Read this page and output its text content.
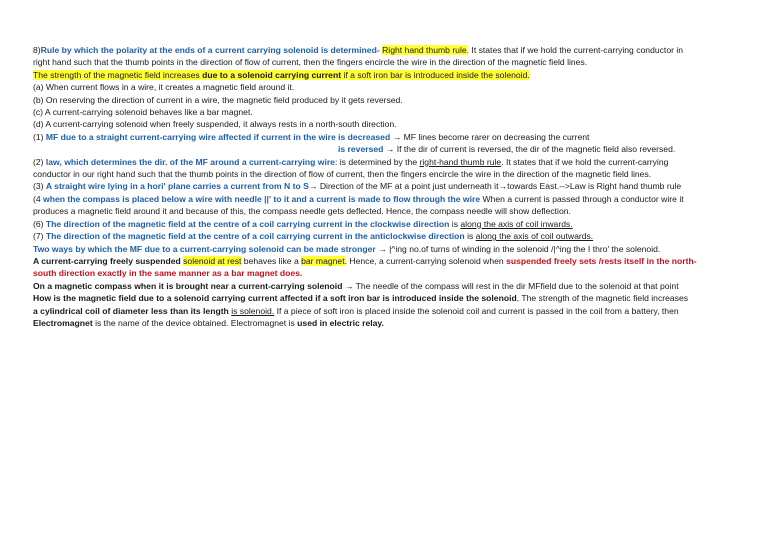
8)Rule by which the polarity at the ends of a current carrying solenoid is determined- Right hand thumb rule. It states that if we hold the current-carrying conductor in
right hand such that the thumb points in the direction of flow of current, then the fingers encircle the wire in the direction of the magnetic field lines.
The strength of the magnetic field increases due to a solenoid carrying current if a soft iron bar is introduced inside the solenoid.
(a) When current flows in a wire, it creates a magnetic field around it.
(b) On reserving the direction of current in a wire, the magnetic field produced by it gets reversed.
(c) A current-carrying solenoid behaves like a bar magnet.
(d) A current-carrying solenoid when freely suspended, it always rests in a north-south direction.
(1) MF due to a straight current-carrying wire affected if current in the wire is decreased → MF lines become rarer on decreasing the current
is reversed → If the dir of current is reversed, the dir of the magnetic field also reversed.
(2) law, which determines the dir. of the MF around a current-carrying wire: is determined by the right-hand thumb rule. It states that if we hold the current-carrying
conductor in our right hand such that the thumb points in the direction of flow of current, then the fingers encircle the wire in the direction of the magnetic field lines.
(3) A straight wire lying in a hori' plane carries a current from N to S→ Direction of the MF at a point just underneath it→towards East.-->Law is Right hand thumb rule
(4 when the compass is placed below a wire with needle ||' to it and a current is made to flow through the wire When a current is passed through a conductor wire it
produces a magnetic field around it and because of this, the compass needle gets deflected. Hence, the compass needle will show deflection.
(6) The direction of the magnetic field at the centre of a coil carrying current in the clockwise direction is along the axis of coil inwards.
(7) The direction of the magnetic field at the centre of a coil carrying current in the anticlockwise direction is along the axis of coil outwards.
Two ways by which the MF due to a current-carrying solenoid can be made stronger → |^ing no.of turns of winding in the solenoid /|^ing the I thro' the solenoid.
A current-carrying freely suspended solenoid at rest behaves like a bar magnet. Hence, a current-carrying solenoid when suspended freely sets /rests itself in the north-
south direction exactly in the same manner as a bar magnet does.
On a magnetic compass when it is brought near a current-carrying solenoid → The needle of the compass will rest in the dir MFfield due to the solenoid at that point
How is the magnetic field due to a solenoid carrying current affected if a soft iron bar is introduced inside the solenoid, The strength of the magnetic field increases
a cylindrical coil of diameter less than its length is solenoid. If a piece of soft iron is placed inside the solenoid coil and current is passed in the coil from a battery, then
Electromagnet is the name of the device obtained. Electromagnet is used in electric relay.
